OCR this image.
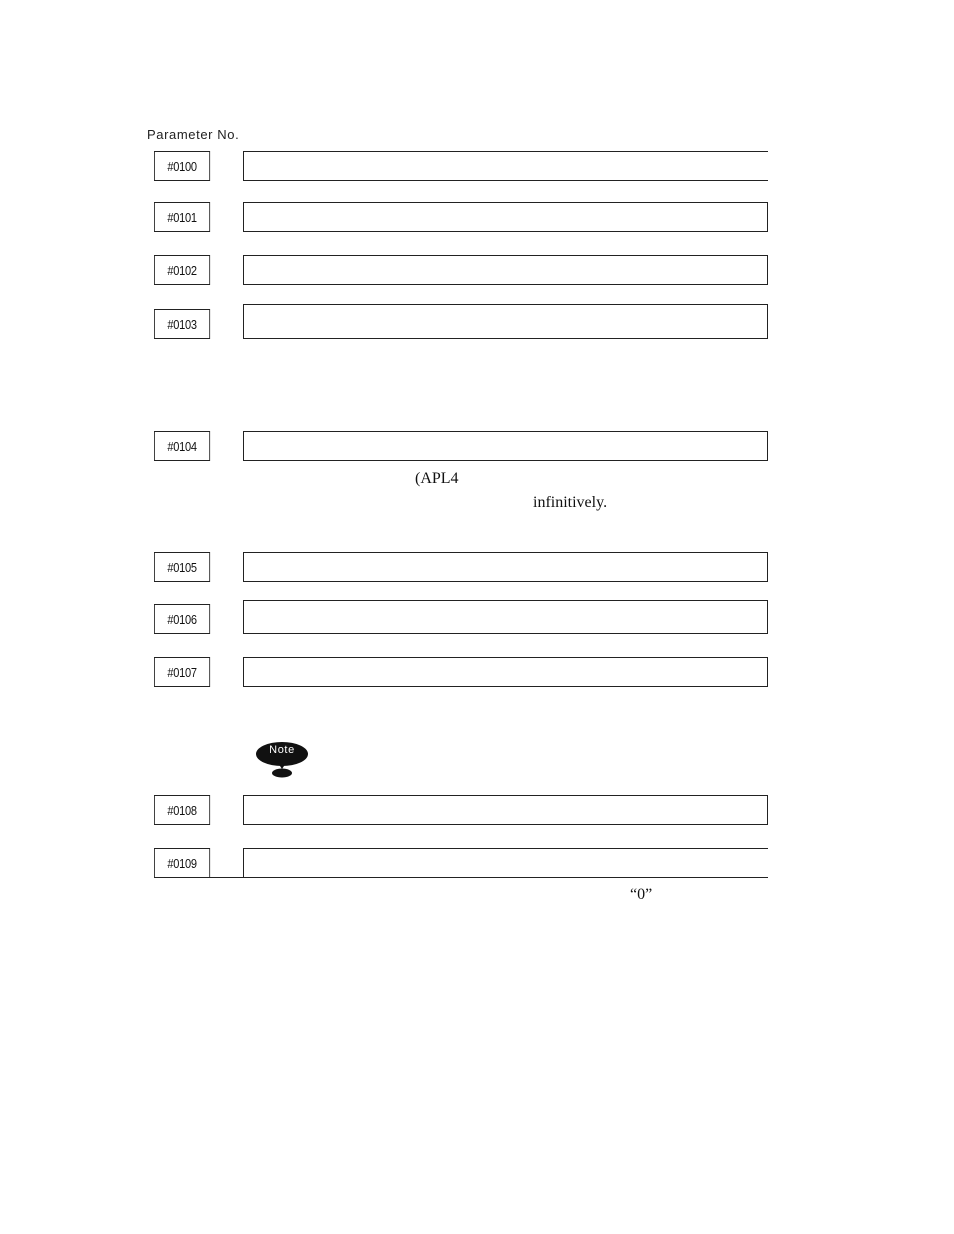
Parameter No.
#0100
#0101
#0102
#0103
#0104
(APL4
infinitively.
#0105
#0106
#0107
Note
#0108
#0109
“0”
